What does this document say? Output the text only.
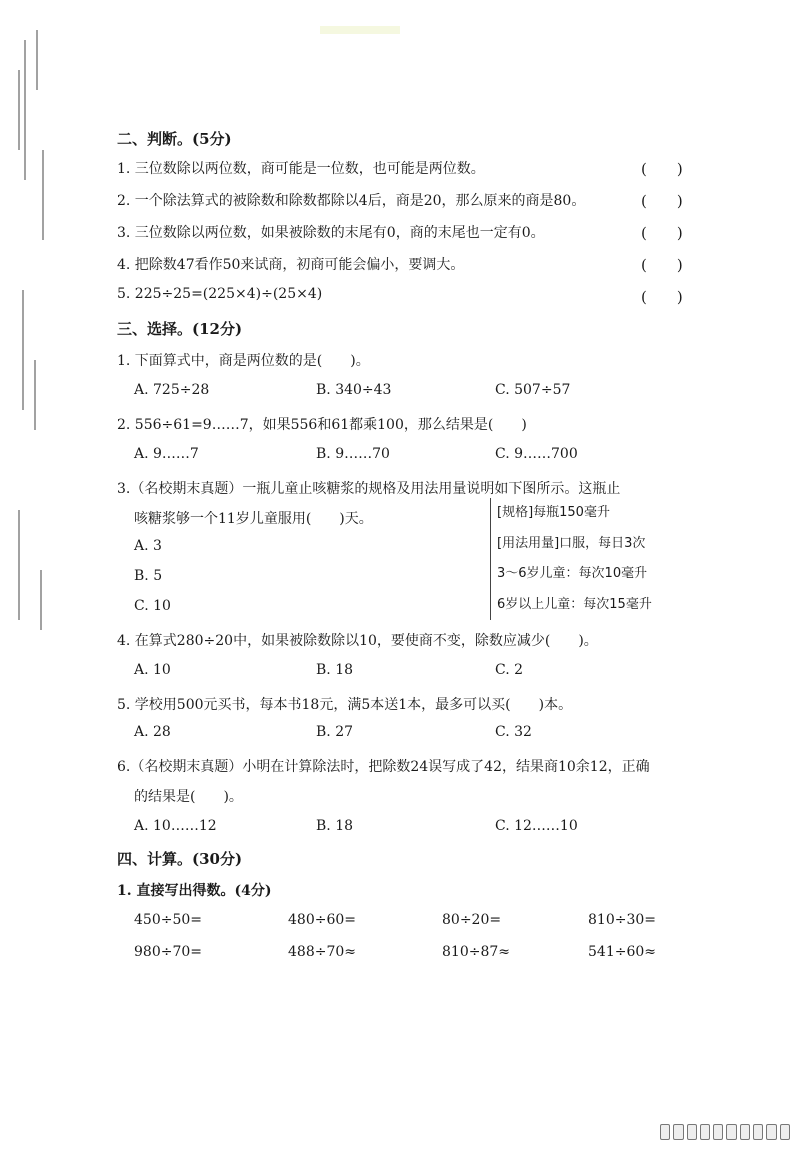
二、判断。(5分)
1. 三位数除以两位数，商可能是一位数，也可能是两位数。	(　　)
2. 一个除法算式的被除数和除数都除以4后，商是20，那么原来的商是80。	(　　)
3. 三位数除以两位数，如果被除数的末尾有0，商的末尾也一定有0。	(　　)
4. 把除数47看作50来试商，初商可能会偏小，要调大。	(　　)
5. 225÷25=(225×4)÷(25×4)	(　　)
三、选择。(12分)
1. 下面算式中，商是两位数的是(　　)。
A. 725÷28	B. 340÷43	C. 507÷57
2. 556÷61=9……7，如果556和61都乘100，那么结果是(　　)
A. 9……7	B. 9……70	C. 9……700
3.（名校期末真题）一瓶儿童止咳糖浆的规格及用法用量说明如下图所示。这瓶止
咳糖浆够一个11岁儿童服用(　　)天。
A. 3
B. 5
C. 10
[规格]每瓶150毫升
[用法用量]口服，每日3次
3～6岁儿童：每次10毫升
6岁以上儿童：每次15毫升
4. 在算式280÷20中，如果被除数除以10，要使商不变，除数应减少(　　)。
A. 10	B. 18	C. 2
5. 学校用500元买书，每本书18元，满5本送1本，最多可以买(　　)本。
A. 28	B. 27	C. 32
6.（名校期末真题）小明在计算除法时，把除数24误写成了42，结果商10余12，正确
的结果是(　　)。
A. 10……12	B. 18	C. 12……10
四、计算。(30分)
1. 直接写出得数。(4分)
450÷50=	480÷60=	80÷20=	810÷30=
980÷70=	488÷70≈	810÷87≈	541÷60≈
